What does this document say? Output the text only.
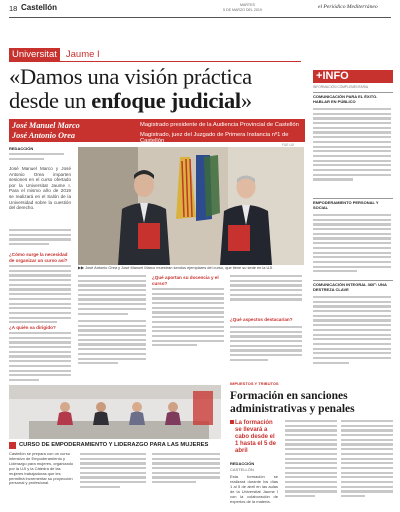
18 Castellón	MARTES
5 DE MARZO DEL 2019	el Periódico Mediterráneo
Universitat Jaume I
«Damos una visión práctica
desde un enfoque judicial»
José Manuel Marco	Magistrado presidente de la Audiencia Provincial de Castellón
José Antonio Orea	Magistrado, juez del Juzgado de Primera Instancia nº1 de Castellón
REDACCIÓN
José Manuel Marco y José Antonio Orea imparten sesiones en el curso ofertado por la Universitat Jaume I. Para el mismo año de 2019 se realizará en el Salón de la Universidad sobre la cuestión del derecho.
¿Cómo surge la necesidad de organizar un curso así?
¿A quién va dirigido?
▶▶ José Antonio Orea y José Manuel Marco muestran sendos ejemplares del curso, que tiene su sede en la UJI.
FUE UJI
¿Qué aportan su docencia y el curso?
¿Qué aspectos destacarían?
+INFO
INFORMACIÓN COMPLEMENTARIA
COMUNICACIÓN PARA EL ÉXITO. HABLAR EN PÚBLICO
EMPODERAMIENTO PERSONAL Y SOCIAL
COMUNICACIÓN INTEGRAL 360º: UNA DESTREZA CLAVE
CURSO DE EMPODERAMIENTO Y LIDERAZGO PARA LAS MUJERES
Castellón se prepara con un curso intensivo de Empoderamiento y Liderazgo para mujeres, organizado por la UJI y la Cátedra de las mujeres trabajadoras que les permitirá incrementar su proyección personal y profesional.
IMPUESTOS Y TRIBUTOS
Formación en sanciones
administrativas y penales
La formación se llevará a cabo desde el 1 hasta el 5 de abril
REDACCIÓN
CASTELLÓN
Esta formación se realizará durante los días 1 al 5 de abril en las aulas de la Universitat Jaume I con la colaboración de expertos de la materia.
